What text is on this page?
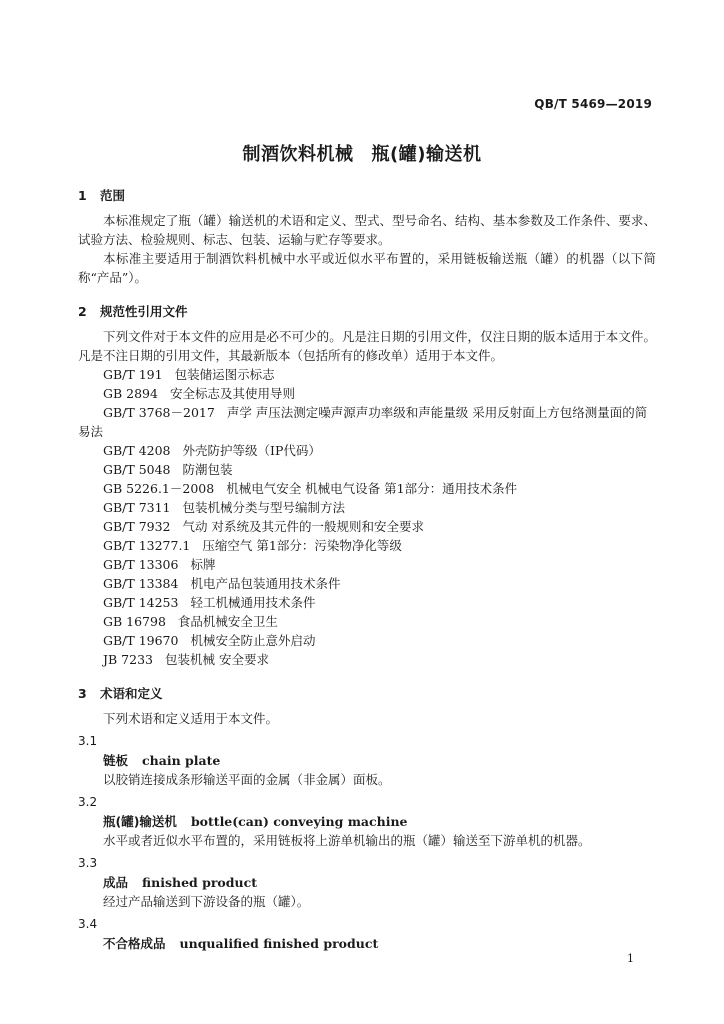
QB/T 5469—2019
制酒饮料机械 瓶(罐)输送机

1 范围

本标准规定了瓶（罐）输送机的术语和定义、型式、型号命名、结构、基本参数及工作条件、要求、试验方法、检验规则、标志、包装、运输与贮存等要求。

本标准主要适用于制酒饮料机械中水平或近似水平布置的，采用链板输送瓶（罐）的机器（以下简称“产品”）。

2 规范性引用文件

下列文件对于本文件的应用是必不可少的。凡是注日期的引用文件，仅注日期的版本适用于本文件。凡是不注日期的引用文件，其最新版本（包括所有的修改单）适用于本文件。

GB/T 191 包装储运图示标志

GB 2894 安全标志及其使用导则

GB/T 3768－2017 声学 声压法测定噪声源声功率级和声能量级 采用反射面上方包络测量面的简易法

GB/T 4208 外壳防护等级（IP代码）

GB/T 5048 防潮包装

GB 5226.1－2008 机械电气安全 机械电气设备 第1部分：通用技术条件

GB/T 7311 包装机械分类与型号编制方法

GB/T 7932 气动 对系统及其元件的一般规则和安全要求

GB/T 13277.1 压缩空气 第1部分：污染物净化等级

GB/T 13306 标牌

GB/T 13384 机电产品包装通用技术条件

GB/T 14253 轻工机械通用技术条件

GB 16798 食品机械安全卫生

GB/T 19670 机械安全防止意外启动

JB 7233 包装机械 安全要求

3 术语和定义

下列术语和定义适用于本文件。

3.1

链板 chain plate

以胶销连接成条形输送平面的金属（非金属）面板。

3.2

瓶(罐)输送机 bottle(can) conveying machine

水平或者近似水平布置的，采用链板将上游单机输出的瓶（罐）输送至下游单机的机器。

3.3

成品 finished product

经过产品输送到下游设备的瓶（罐）。

3.4

不合格成品 unqualified finished product

1
